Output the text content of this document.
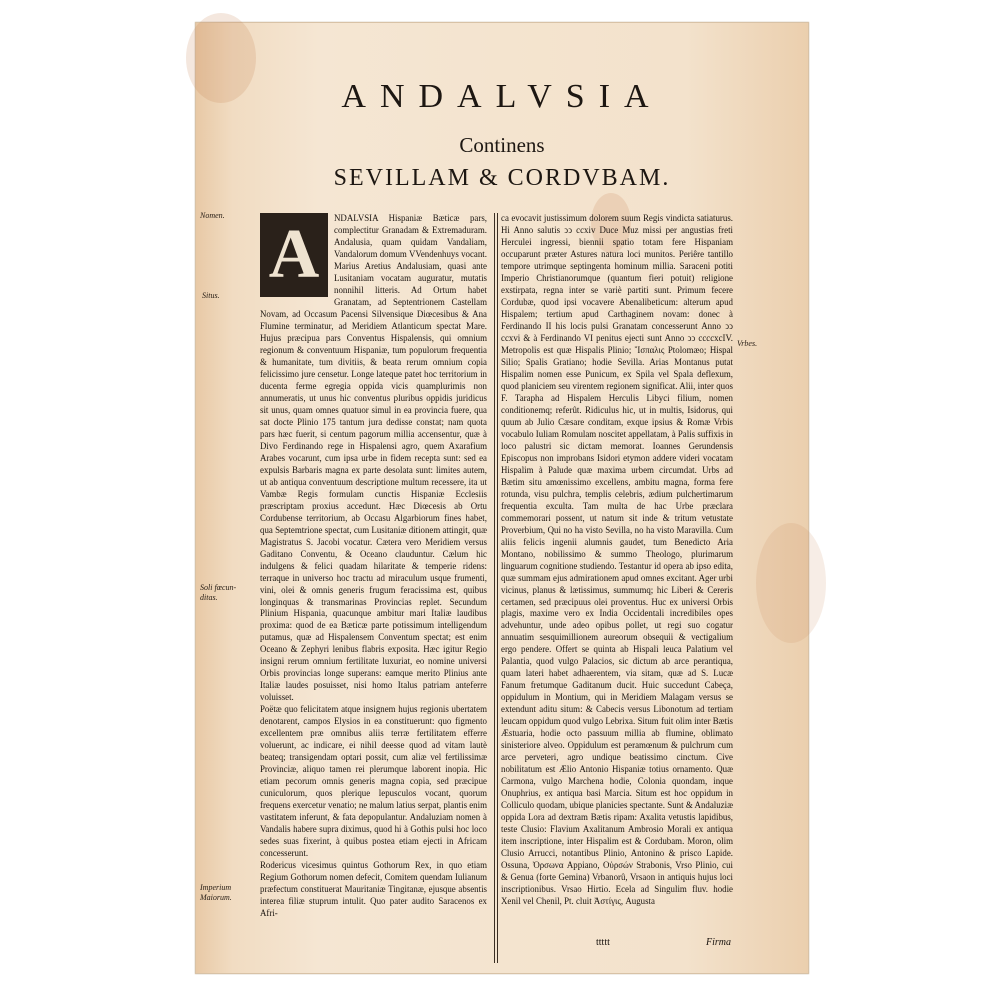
ANDALVSIA
Continens
SEVILLAM & CORDVBAM.
Nomen.
Situs.
Soli fœcun-ditas.
Imperium Maiorum.
Vrbes.
A	NDALVSIA Hispaniæ Bæticæ pars, complectitur Granadam & Extremaduram. Andalusia, quam quidam Vandaliam, Vandalorum domum VVendenhuys vocant. Marius Aretius Andalusiam, quasi ante Lusitaniam vocatam auguratur, mutatis nonnihil litteris. Ad Ortum habet Granatam, ad Septentrionem Castellam Novam, ad Occasum Pacensi Silvensique Diœcesibus & Ana Flumine terminatur, ad Meridiem Atlanticum spectat Mare. Hujus præcipua pars Conventus Hispalensis, qui omnium regionum & conventuum Hispaniæ, tum populorum frequentia & humanitate, tum divitiis, & beata rerum omnium copia felicissimo jure censetur. Longe lateque patet hoc territorium in ducenta ferme egregia oppida vicis quamplurimis non annumeratis, ut unus hic conventus pluribus oppidis juridicus sit unus, quam omnes quatuor simul in ea provincia fuere, qua sat docte Plinio 175 tantum jura dedisse constat; nam quota pars hæc fuerit, si centum pagorum millia accensentur, quæ à Divo Ferdinando rege in Hispalensi agro, quem Axarafium Arabes vocarunt, cum ipsa urbe in fidem recepta sunt: sed ea expulsis Barbaris magna ex parte desolata sunt: limites autem, ut ab antiqua conventuum descriptione multum recessere, ita ut Vambæ Regis formulam cunctis Hispaniæ Ecclesiis præscriptam proxius accedunt. Hæc Diœcesis ab Ortu Cordubense territorium, ab Occasu Algarbiorum fines habet, qua Septemtrione spectat, cum Lusitaniæ ditionem attingit, quæ Magistratus S. Jacobi vocatur. Cætera vero Meridiem versus Gaditano Conventu, & Oceano clauduntur. Cælum hic indulgens & felici quadam hilaritate & temperie ridens: terraque in universo hoc tractu ad miraculum usque frumenti, vini, olei & omnis generis frugum feracissima est, quibus longinquas & transmarinas Provincias replet. Secundum Plinium Hispania, quacunque ambitur mari Italiæ laudibus proxima: quod de ea Bæticæ parte potissimum intelligendum putamus, quæ ad Hispalensem Conventum spectat; est enim Oceano & Zephyri lenibus flabris exposita. Hæc igitur Regio insigni rerum omnium fertilitate luxuriat, eo nomine universi Orbis provincias longe superans: eamque merito Plinius ante Italiæ laudes posuisset, nisi homo Italus patriam anteferre voluisset.

Poëtæ quo felicitatem atque insignem hujus regionis ubertatem denotarent, campos Elysios in ea constituerunt: quo figmento excellentem præ omnibus aliis terræ fertilitatem efferre voluerunt, ac indicare, ei nihil deesse quod ad vitam lautè beateq; transigendam optari possit, cum aliæ vel fertilissimæ Provinciæ, aliquo tamen rei plerumque laborent inopia. Hic etiam pecorum omnis generis magna copia, sed præcipue cuniculorum, quos plerique lepusculos vocant, quorum frequens exercetur venatio; ne malum latius serpat, plantis enim vastitatem inferunt, & fata depopulantur. Andaluziam nomen à Vandalis habere supra diximus, quod hi à Gothis pulsi hoc loco sedes suas fixerint, à quibus postea etiam ejecti in Africam concesserunt.

Rodericus vicesimus quintus Gothorum Rex, in quo etiam Regium Gothorum nomen defecit, Comitem quendam Iulianum præfectum constituerat Mauritaniæ Tingitanæ, ejusque absentis interea filiæ stuprum intulit. Quo pater audito Saracenos ex Afri-

ca evocavit justissimum dolorem suum Regis vindicta satiaturus. Hi Anno salutis ↄↄ ccxiv Duce Muz missi per angustias freti Herculei ingressi, biennii spatio totam fere Hispaniam occuparunt præter Astures natura loci munitos. Periêre tantillo tempore utrimque septingenta hominum millia. Saraceni potiti Imperio Christianorumque (quantum fieri potuit) religione exstirpata, regna inter se variè partiti sunt. Primum fecere Cordubæ, quod ipsi vocavere Abenalibeticum: alterum apud Hispalem; tertium apud Carthaginem novam: donec à Ferdinando II his locis pulsi Granatam concesserunt Anno ↄↄ ccxvi & à Ferdinando VI penitus ejecti sunt Anno ↄↄ ccccxcIV. Metropolis est quæ Hispalis Plinio; Ἴσπαλις Ptolomæo; Hispal Silio; Spalis Gratiano; hodie Sevilla. Arias Montanus putat Hispalim nomen esse Punicum, ex Spila vel Spala deflexum, quod planiciem seu virentem regionem significat. Alii, inter quos F. Tarapha ad Hispalem Herculis Libyci filium, nomen conditionemq; referût. Ridiculus hic, ut in multis, Isidorus, qui quum ab Julio Cæsare conditam, exque ipsius & Romæ Vrbis vocabulo Iuliam Romulam noscitet appellatam, à Palis suffixis in loco palustri sic dictam memorat. Ioannes Gerundensis Episcopus non improbans Isidori etymon addere videri vocatam Hispalim à Palude quæ maxima urbem circumdat. Urbs ad Bætim situ amœnissimo excellens, ambitu magna, forma fere rotunda, visu pulchra, templis celebris, ædium pulchertimarum frequentia exculta. Tam multa de hac Urbe præclara commemorari possent, ut natum sit inde & tritum vetustate Proverbium, Qui no ha visto Sevilla, no ha visto Maravilla. Cum aliis felicis ingenii alumnis gaudet, tum Benedicto Aria Montano, nobilissimo & summo Theologo, plurimarum linguarum cognitione studiendo. Testantur id opera ab ipso edita, quæ summam ejus admirationem apud omnes excitant. Ager urbi vicinus, planus & lætissimus, summumq; hic Liberi & Cereris certamen, sed præcipuus olei proventus. Huc ex universi Orbis plagis, maxime vero ex India Occidentali incredibiles opes advehuntur, unde adeo opibus pollet, ut regi suo cogatur annuatim sesquimillionem aureorum obsequii & vectigalium ergo pendere. Offert se quinta ab Hispali leuca Palatium vel Palantia, quod vulgo Palacios, sic dictum ab arce perantiqua, quam lateri habet adhaerentem, via sitam, quæ ad S. Lucæ Fanum fretumque Gaditanum ducit. Huic succedunt Cabeça, oppidulum in Montium, qui in Meridiem Malagam versus se extendunt aditu situm: & Cabecis versus Libonotum ad tertiam leucam oppidum quod vulgo Lebrixa. Situm fuit olim inter Bætis Æstuaria, hodie octo passuum millia ab flumine, oblimato sinisteriore alveo. Oppidulum est peramœnum & pulchrum cum arce perveteri, agro undique beatissimo cinctum. Cive nobilitatum est Ælio Antonio Hispaniæ totius ornamento. Quæ Carmona, vulgo Marchena hodie, Colonia quondam, inque Onuphrius, ex antiqua basi Marcia. Situm est hoc oppidum in Colliculo quodam, ubique planicies spectante. Sunt & Andaluziæ oppida Lora ad dextram Bætis ripam: Axalita vetustis lapidibus, teste Clusio: Flavium Axalitanum Ambrosio Morali ex antiqua item inscriptione, inter Hispalim est & Cordubam. Moron, olim Clusio Arrucci, notantibus Plinio, Antonino & prisco Lapide. Ossuna, Ὀρσωνα Appiano, Οὐρσών Strabonis, Vrso Plinio, cui & Genua (forte Gemina) Vrbanorû, Vrsaon in antiquis hujus loci inscriptionibus. Vrsao Hirtio. Ecela ad Singulim fluv. hodie Xenil vel Chenil, Pt. cluit Ἀστίγις, Augusta

ttttt	Firma
